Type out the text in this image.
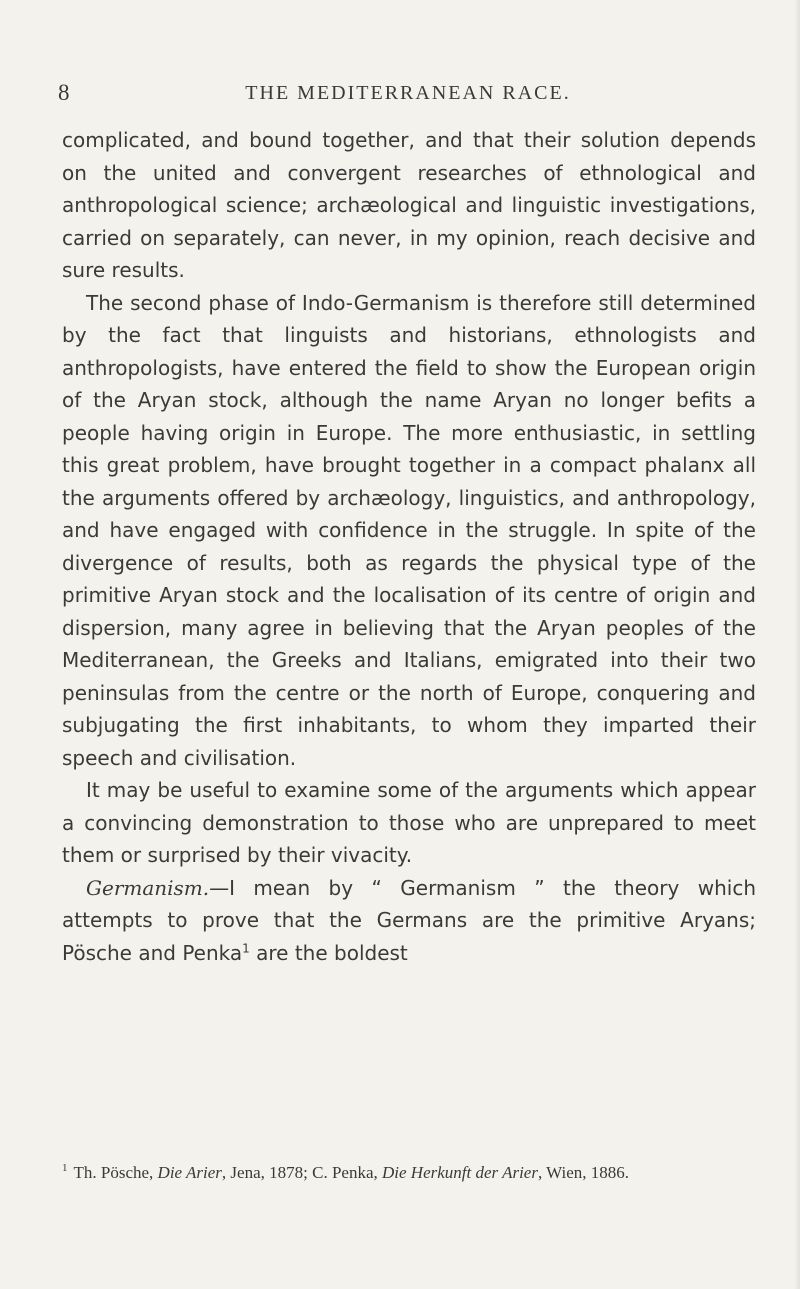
8	THE MEDITERRANEAN RACE.

complicated, and bound together, and that their solution depends on the united and convergent researches of ethnological and anthropological science; archæological and linguistic investigations, carried on separately, can never, in my opinion, reach decisive and sure results.

The second phase of Indo-Germanism is therefore still determined by the fact that linguists and historians, ethnologists and anthropologists, have entered the field to show the European origin of the Aryan stock, although the name Aryan no longer befits a people having origin in Europe. The more enthusiastic, in settling this great problem, have brought together in a compact phalanx all the arguments offered by archæology, linguistics, and anthropology, and have engaged with confidence in the struggle. In spite of the divergence of results, both as regards the physical type of the primitive Aryan stock and the localisation of its centre of origin and dispersion, many agree in believing that the Aryan peoples of the Mediterranean, the Greeks and Italians, emigrated into their two peninsulas from the centre or the north of Europe, conquering and subjugating the first inhabitants, to whom they imparted their speech and civilisation.

It may be useful to examine some of the arguments which appear a convincing demonstration to those who are unprepared to meet them or surprised by their vivacity.

Germanism.—I mean by “ Germanism ” the theory which attempts to prove that the Germans are the primitive Aryans; Pösche and Penka$^1$ are the boldest

$^1$ Th. Pösche, Die Arier, Jena, 1878; C. Penka, Die Herkunft der Arier, Wien, 1886.
